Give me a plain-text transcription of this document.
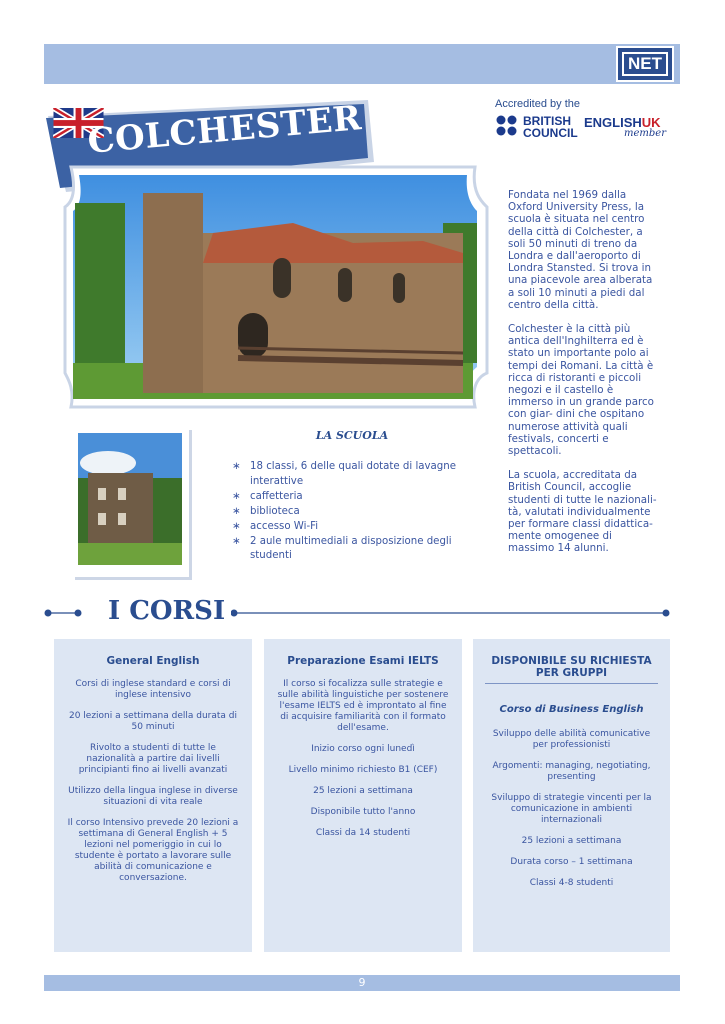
NET
COLCHESTER	Accredited by the
BRITISH
COUNCIL
ENGLISHUK
member

Fondata nel 1969 dalla Oxford University Press, la scuola è situata nel centro della città di Colchester, a soli 50 minuti di treno da Londra e dall'aeroporto di Londra Stansted. Si trova in una piacevole area alberata a soli 10 minuti a piedi dal centro della città.

Colchester è la città più antica dell'Inghilterra ed è stato un importante polo ai tempi dei Romani. La città è ricca di ristoranti e piccoli negozi e il castello è immerso in un grande parco con giar- dini che ospitano numerose attività quali festivals, concerti e spettacoli.

La scuola, accreditata da British Council, accoglie studenti di tutte le nazionali- tà, valutati individualmente per formare classi didattica- mente omogenee di massimo 14 alunni.

LA SCUOLA
∗ 18 classi, 6 delle quali dotate di lavagne interattive
∗ caffetteria
∗ biblioteca
∗ accesso Wi-Fi
∗ 2 aule multimediali a disposizione degli studenti
I CORSI
General English

Corsi di inglese standard e corsi di inglese intensivo

20 lezioni a settimana della durata di 50 minuti

Rivolto a studenti di tutte le nazionalità a partire dai livelli principianti fino ai livelli avanzati

Utilizzo della lingua inglese in diverse situazioni di vita reale

Il corso Intensivo prevede 20 lezioni a settimana di General English + 5 lezioni nel pomeriggio in cui lo studente è portato a lavorare sulle abilità di comunicazione e conversazione.

Preparazione Esami IELTS

Il corso si focalizza sulle strategie e sulle abilità linguistiche per sostenere l'esame IELTS ed è improntato al fine di acquisire familiarità con il formato dell'esame.

Inizio corso ogni lunedì

Livello minimo richiesto B1 (CEF)

25 lezioni a settimana

Disponibile tutto l'anno

Classi da 14 studenti

DISPONIBILE SU RICHIESTA PER GRUPPI
Corso di Business English

Sviluppo delle abilità comunicative per professionisti

Argomenti: managing, negotiating, presenting

Sviluppo di strategie vincenti per la comunicazione in ambienti internazionali

25 lezioni a settimana

Durata corso – 1 settimana

Classi 4-8 studenti

9
